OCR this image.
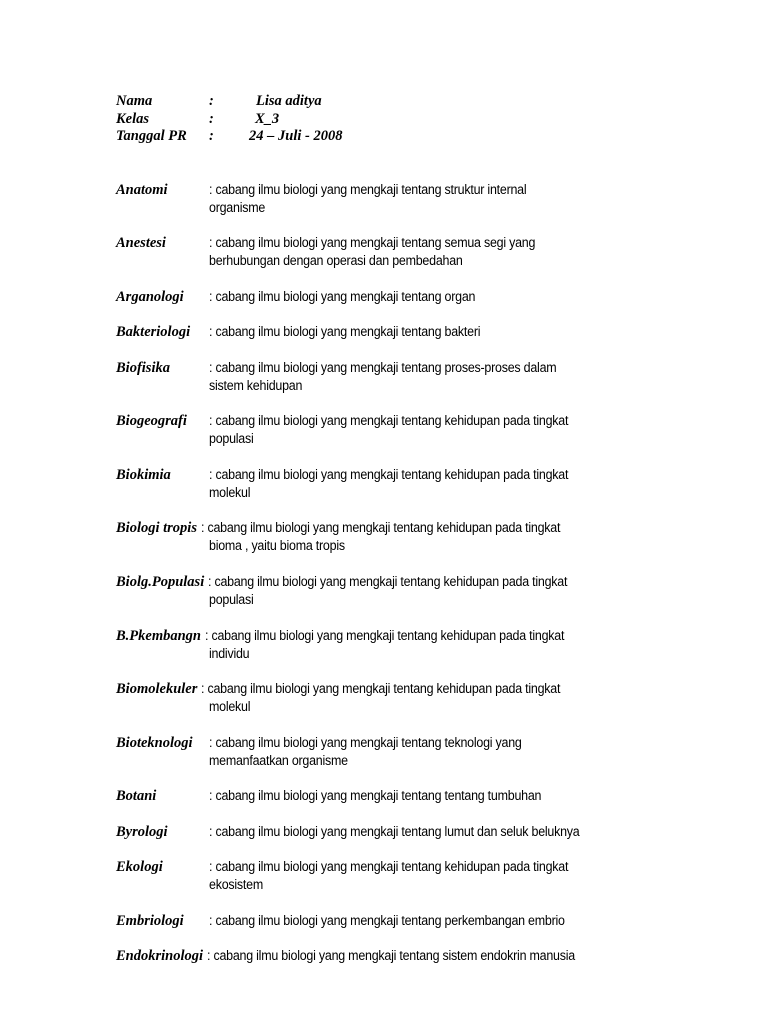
Nama	:	Lisa aditya
Kelas	:	X_3
Tanggal PR	:	24 – Juli - 2008
Anatomi	: cabang ilmu biologi yang mengkaji tentang struktur internal
organisme
Anestesi	: cabang ilmu biologi yang mengkaji tentang semua segi yang
berhubungan dengan operasi dan pembedahan
Arganologi : cabang ilmu biologi yang mengkaji tentang organ
Bakteriologi : cabang ilmu biologi yang mengkaji tentang bakteri
Biofisika	: cabang ilmu biologi yang mengkaji tentang proses-proses dalam
sistem kehidupan
Biogeografi : cabang ilmu biologi yang mengkaji tentang kehidupan pada tingkat
populasi
Biokimia	: cabang ilmu biologi yang mengkaji tentang kehidupan pada tingkat
molekul
Biologi tropis : cabang ilmu biologi yang mengkaji tentang kehidupan pada tingkat
bioma , yaitu bioma tropis
Biolg.Populasi : cabang ilmu biologi yang mengkaji tentang kehidupan pada tingkat
populasi
B.Pkembangn : cabang ilmu biologi yang mengkaji tentang kehidupan pada tingkat
individu
Biomolekuler : cabang ilmu biologi yang mengkaji tentang kehidupan pada tingkat
molekul
Bioteknologi : cabang ilmu biologi yang mengkaji tentang teknologi yang
memanfaatkan organisme
Botani	: cabang ilmu biologi yang mengkaji tentang tentang tumbuhan
Byrologi	: cabang ilmu biologi yang mengkaji tentang lumut dan seluk beluknya
Ekologi	: cabang ilmu biologi yang mengkaji tentang kehidupan pada tingkat
ekosistem
Embriologi : cabang ilmu biologi yang mengkaji tentang perkembangan embrio
Endokrinologi : cabang ilmu biologi yang mengkaji tentang sistem endokrin manusia
